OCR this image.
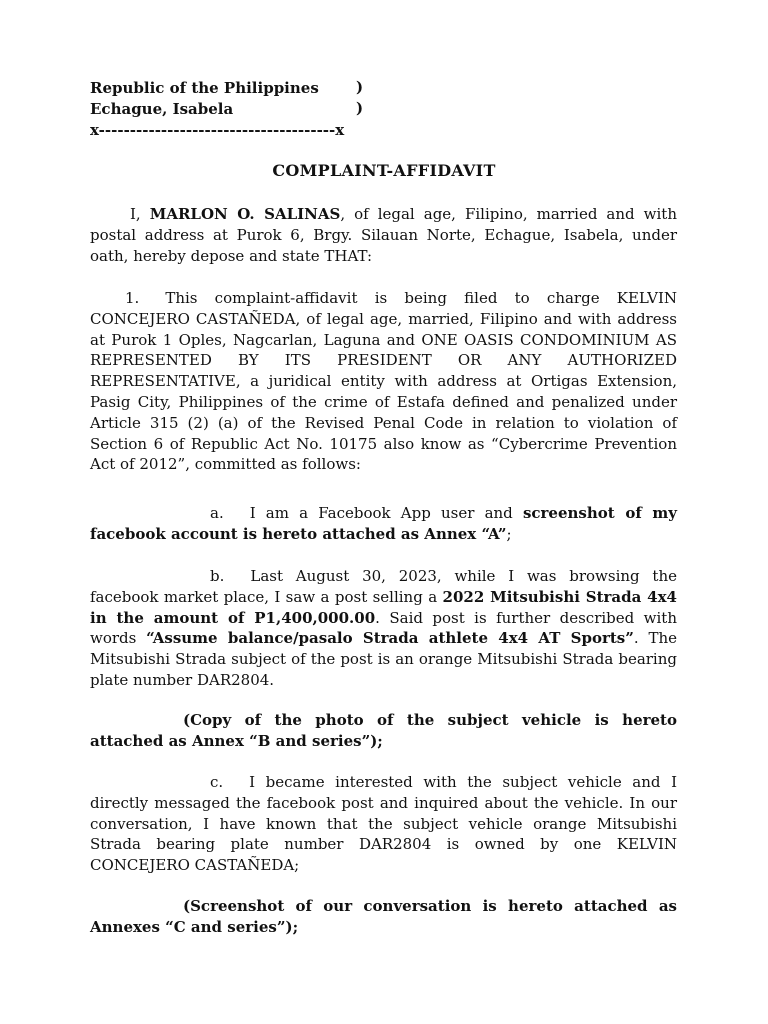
Republic of the Philippines )
Echague, Isabela	)
x--------------------------------------x
COMPLAINT-AFFIDAVIT
I, MARLON O. SALINAS, of legal age, Filipino, married and with postal address at Purok 6, Brgy. Silauan Norte, Echague, Isabela, under oath, hereby depose and state THAT:
1. This complaint-affidavit is being filed to charge KELVIN CONCEJERO CASTAÑEDA, of legal age, married, Filipino and with address at Purok 1 Oples, Nagcarlan, Laguna and ONE OASIS CONDOMINIUM AS REPRESENTED BY ITS PRESIDENT OR ANY AUTHORIZED REPRESENTATIVE, a juridical entity with address at Ortigas Extension, Pasig City, Philippines of the crime of Estafa defined and penalized under Article 315 (2) (a) of the Revised Penal Code in relation to violation of Section 6 of Republic Act No. 10175 also know as “Cybercrime Prevention Act of 2012”, committed as follows:
a. I am a Facebook App user and screenshot of my facebook account is hereto attached as Annex “A”;
b. Last August 30, 2023, while I was browsing the facebook market place, I saw a post selling a 2022 Mitsubishi Strada 4x4 in the amount of P1,400,000.00. Said post is further described with words “Assume balance/pasalo Strada athlete 4x4 AT Sports”. The Mitsubishi Strada subject of the post is an orange Mitsubishi Strada bearing plate number DAR2804.
(Copy of the photo of the subject vehicle is hereto attached as Annex “B and series”);
c. I became interested with the subject vehicle and I directly messaged the facebook post and inquired about the vehicle. In our conversation, I have known that the subject vehicle orange Mitsubishi Strada bearing plate number DAR2804 is owned by one KELVIN CONCEJERO CASTAÑEDA;
(Screenshot of our conversation is hereto attached as Annexes “C and series”);
